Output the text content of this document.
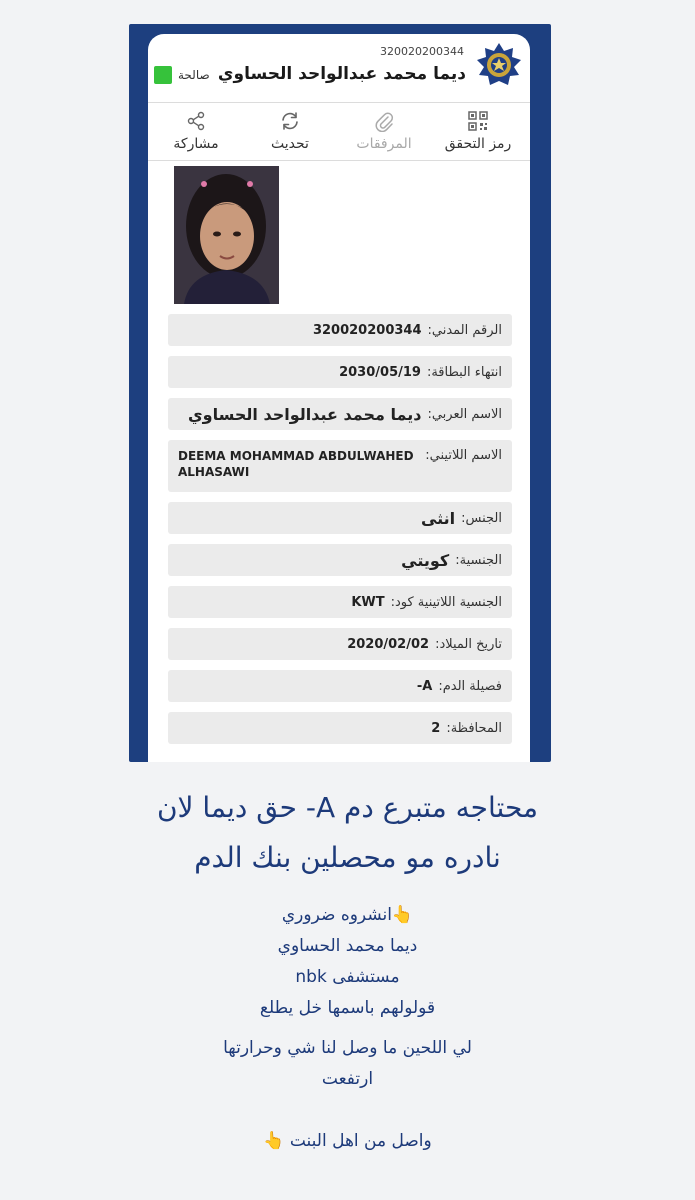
320020200344
ديما محمد عبدالواحد الحساوي
صالحة
رمز التحقق
المرفقات
تحديث
مشاركة
الرقم المدني:
320020200344
انتهاء البطاقة:
2030/05/19
الاسم العربي:
ديما محمد عبدالواحد الحساوي
الاسم اللاتيني:
DEEMA MOHAMMAD ABDULWAHED ALHASAWI
الجنس:
انثى
الجنسية:
كويتي
الجنسية اللاتينية كود:
KWT
تاريخ الميلاد:
2020/02/02
فصيلة الدم:
A-
المحافظة:
2
محتاجه متبرع دم A- حق ديما لان
نادره مو محصلين بنك الدم
👆انشروه ضروري
ديما محمد الحساوي
مستشفى nbk
قولولهم باسمها خل يطلع
لي اللحين ما وصل لنا شي وحرارتها
ارتفعت
واصل من اهل البنت 👆
